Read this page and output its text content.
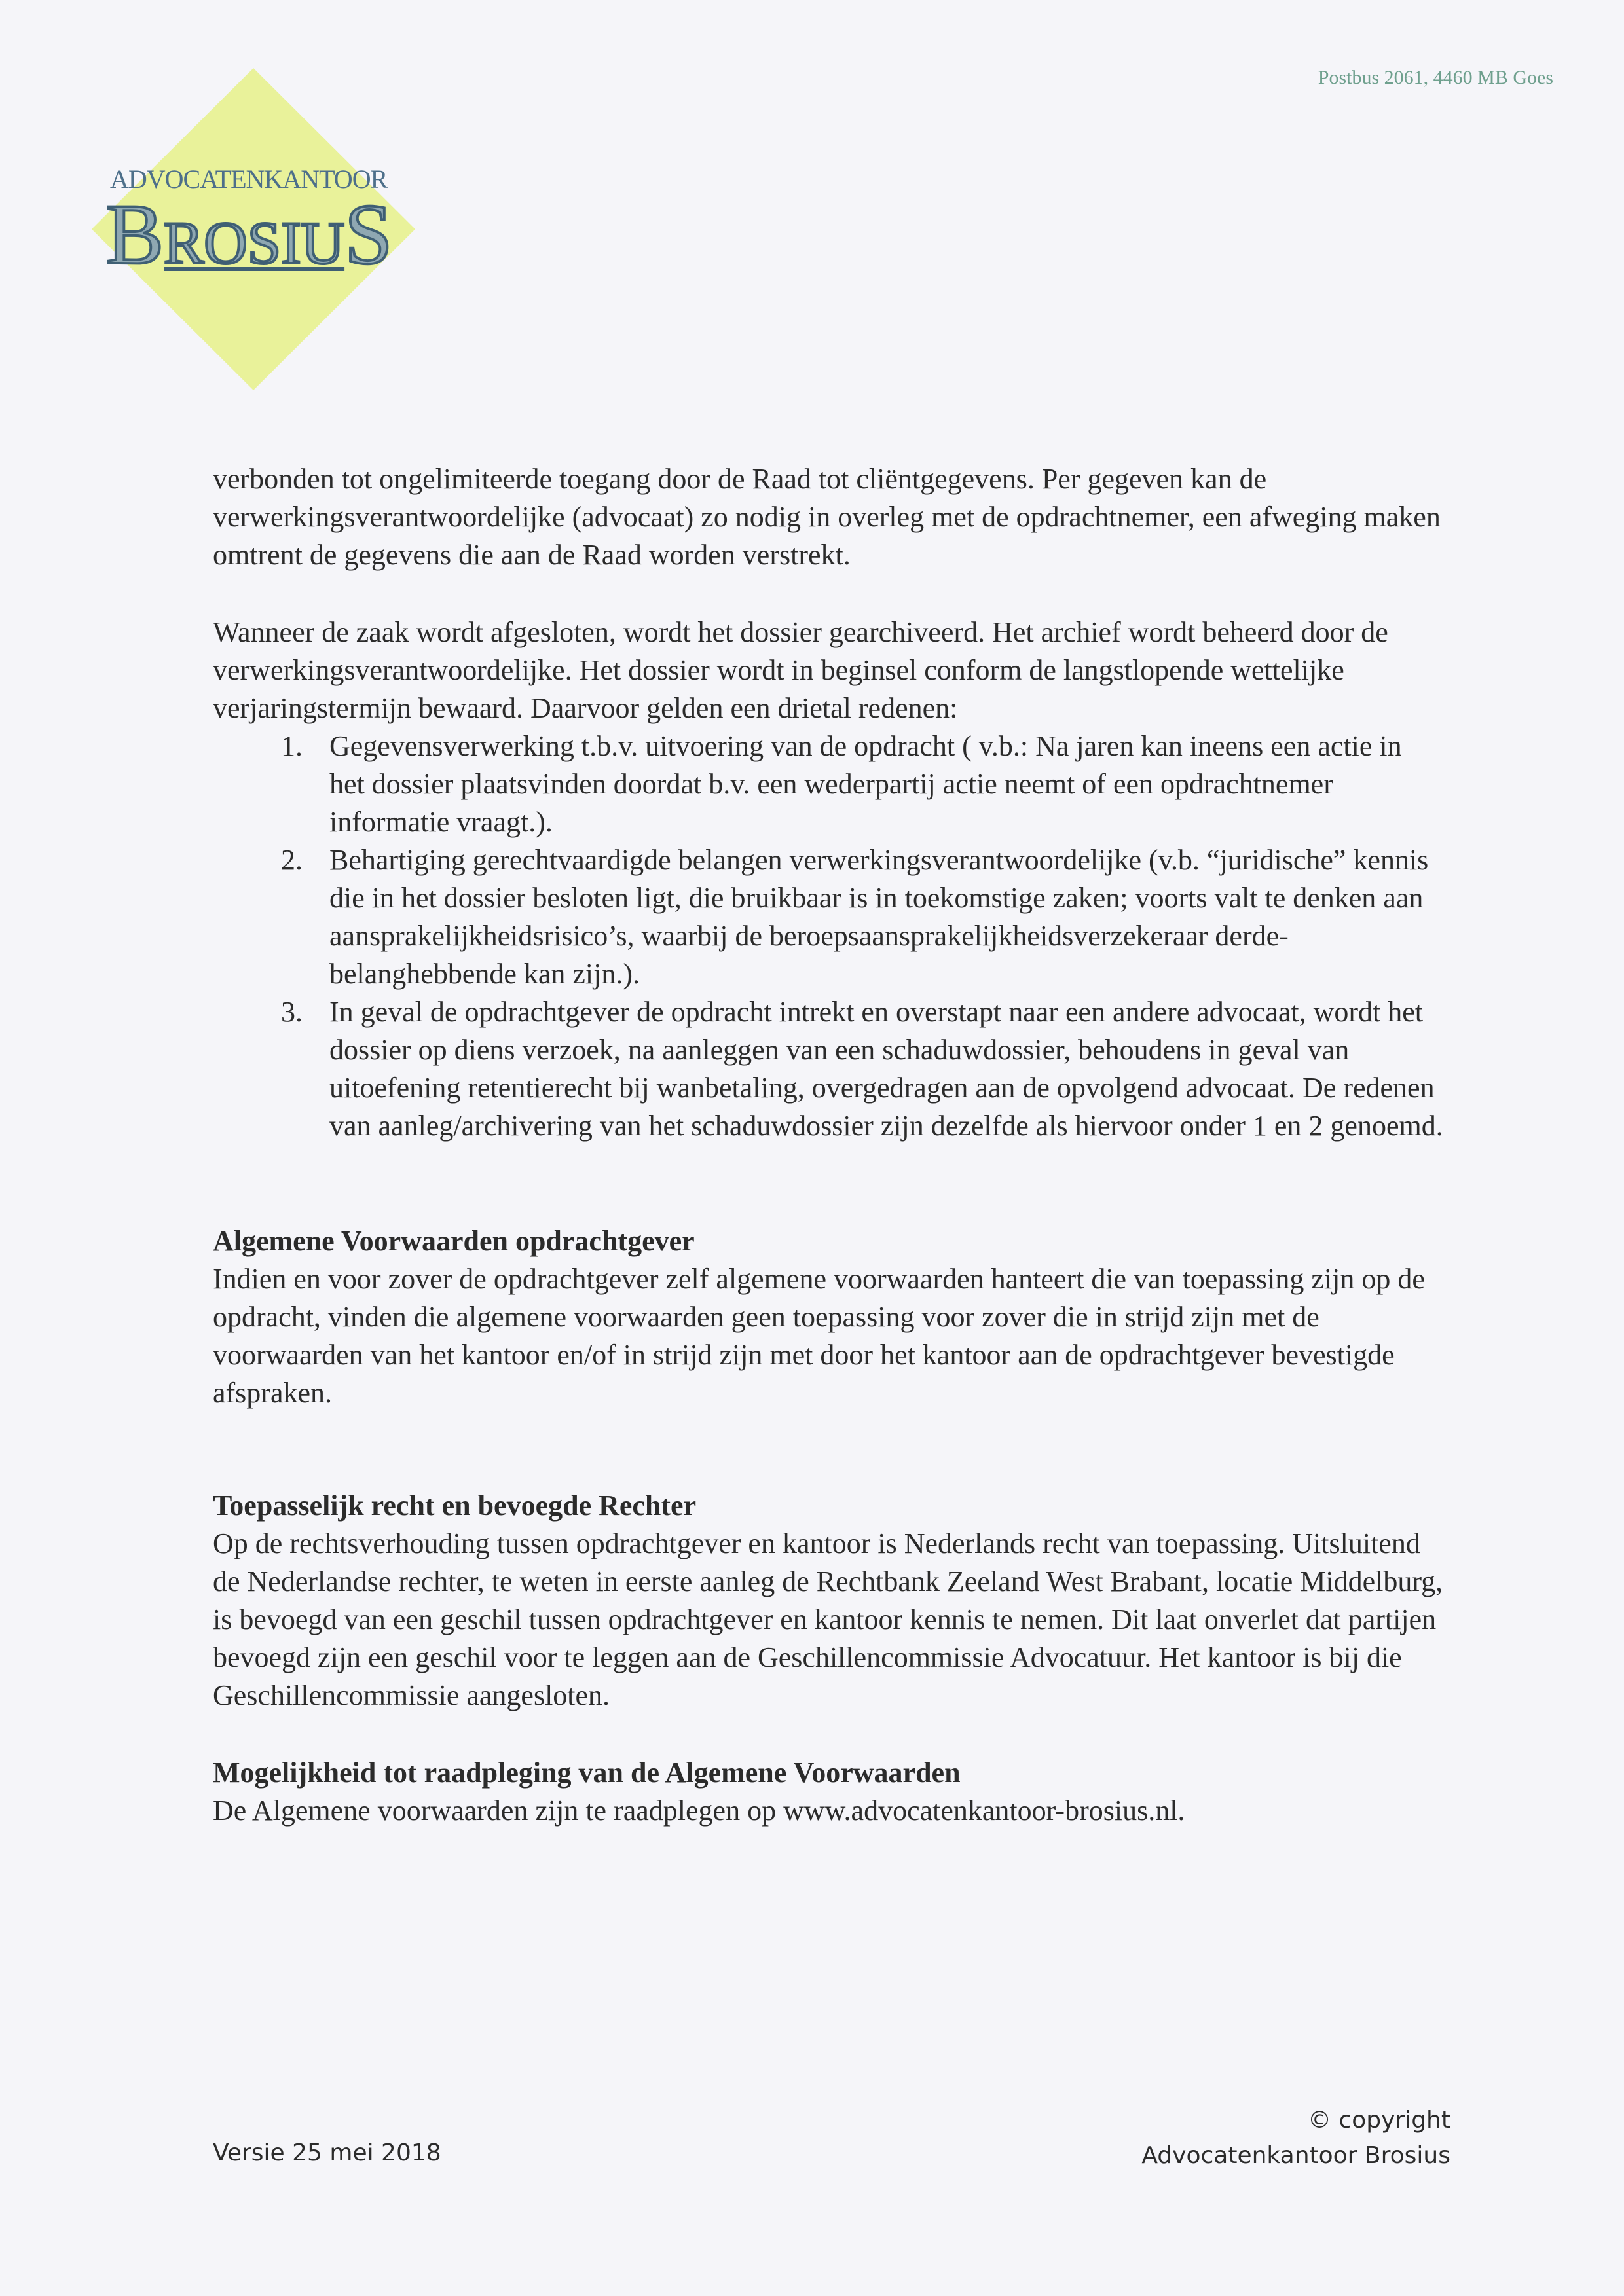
ADVOCATENKANTOOR
BROSIUS
Postbus 2061, 4460 MB Goes

verbonden tot ongelimiteerde toegang door de Raad tot cliëntgegevens. Per gegeven kan de verwerkingsverantwoordelijke (advocaat) zo nodig in overleg met de opdrachtnemer, een afweging maken omtrent de gegevens die aan de Raad worden verstrekt.

Wanneer de zaak wordt afgesloten, wordt het dossier gearchiveerd. Het archief wordt beheerd door de verwerkingsverantwoordelijke. Het dossier wordt in beginsel conform de langstlopende wettelijke verjaringstermijn bewaard. Daarvoor gelden een drietal redenen:

1. Gegevensverwerking t.b.v. uitvoering van de opdracht ( v.b.: Na jaren kan ineens een actie in het dossier plaatsvinden doordat b.v. een wederpartij actie neemt of een opdrachtnemer informatie vraagt.).
2. Behartiging gerechtvaardigde belangen verwerkingsverantwoordelijke (v.b. “juridische” kennis die in het dossier besloten ligt, die bruikbaar is in toekomstige zaken; voorts valt te denken aan aansprakelijkheidsrisico’s, waarbij de beroepsaansprakelijkheidsverzekeraar derde-belanghebbende kan zijn.).
3. In geval de opdrachtgever de opdracht intrekt en overstapt naar een andere advocaat, wordt het dossier op diens verzoek, na aanleggen van een schaduwdossier, behoudens in geval van uitoefening retentierecht bij wanbetaling, overgedragen aan de opvolgend advocaat. De redenen van aanleg/archivering van het schaduwdossier zijn dezelfde als hiervoor onder 1 en 2 genoemd.

Algemene Voorwaarden opdrachtgever

Indien en voor zover de opdrachtgever zelf algemene voorwaarden hanteert die van toepassing zijn op de opdracht, vinden die algemene voorwaarden geen toepassing voor zover die in strijd zijn met de voorwaarden van het kantoor en/of in strijd zijn met door het kantoor aan de opdrachtgever bevestigde afspraken.

Toepasselijk recht en bevoegde Rechter

Op de rechtsverhouding tussen opdrachtgever en kantoor is Nederlands recht van toepassing. Uitsluitend de Nederlandse rechter, te weten in eerste aanleg de Rechtbank Zeeland West Brabant, locatie Middelburg, is bevoegd van een geschil tussen opdrachtgever en kantoor kennis te nemen. Dit laat onverlet dat partijen bevoegd zijn een geschil voor te leggen aan de Geschillencommissie Advocatuur. Het kantoor is bij die Geschillencommissie aangesloten.

Mogelijkheid tot raadpleging van de Algemene Voorwaarden

De Algemene voorwaarden zijn te raadplegen op www.advocatenkantoor-brosius.nl.

Versie 25 mei 2018
© copyright
Advocatenkantoor Brosius
